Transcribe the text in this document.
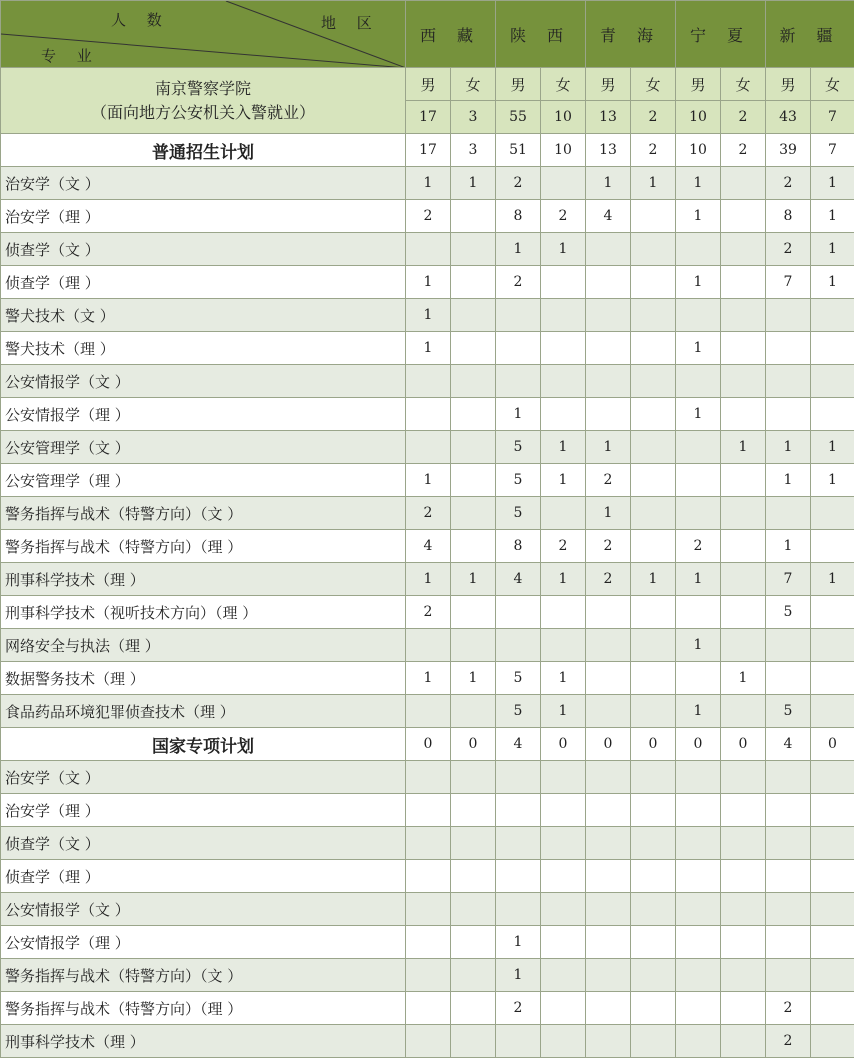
人 数 地 区
专 业	西 藏		陕 西		青 海		宁 夏		新 疆	

南京警察学院
（面向地方公安机关入警就业）	男	女	男	女	男	女	男	女	男	女
	17	3	55	10	13	2	10	2	43	7
普通招生计划	17	3	51	10	13	2	10	2	39	7
治安学（文 ）	1	1	2		1	1	1		2	1
治安学（理 ）	2		8	2	4		1		8	1
侦查学（文 ）			1	1					2	1
侦查学（理 ）	1		2				1		7	1
警犬技术（文 ）	1									
警犬技术（理 ）	1						1			
公安情报学（文 ）										
公安情报学（理 ）			1				1			
公安管理学（文 ）			5	1	1			1	1	1
公安管理学（理 ）	1		5	1	2				1	1
警务指挥与战术（特警方向）（文 ）	2		5		1					
警务指挥与战术（特警方向）（理 ）	4		8	2	2		2		1	
刑事科学技术（理 ）	1	1	4	1	2	1	1		7	1
刑事科学技术（视听技术方向）（理 ）	2								5	
网络安全与执法（理 ）							1			
数据警务技术（理 ）	1	1	5	1				1		
食品药品环境犯罪侦查技术（理 ）			5	1			1		5	
国家专项计划	0	0	4	0	0	0	0	0	4	0
治安学（文 ）										
治安学（理 ）										
侦查学（文 ）										
侦查学（理 ）										
公安情报学（文 ）										
公安情报学（理 ）			1							
警务指挥与战术（特警方向）（文 ）			1							
警务指挥与战术（特警方向）（理 ）			2						2	
刑事科学技术（理 ）									2	
